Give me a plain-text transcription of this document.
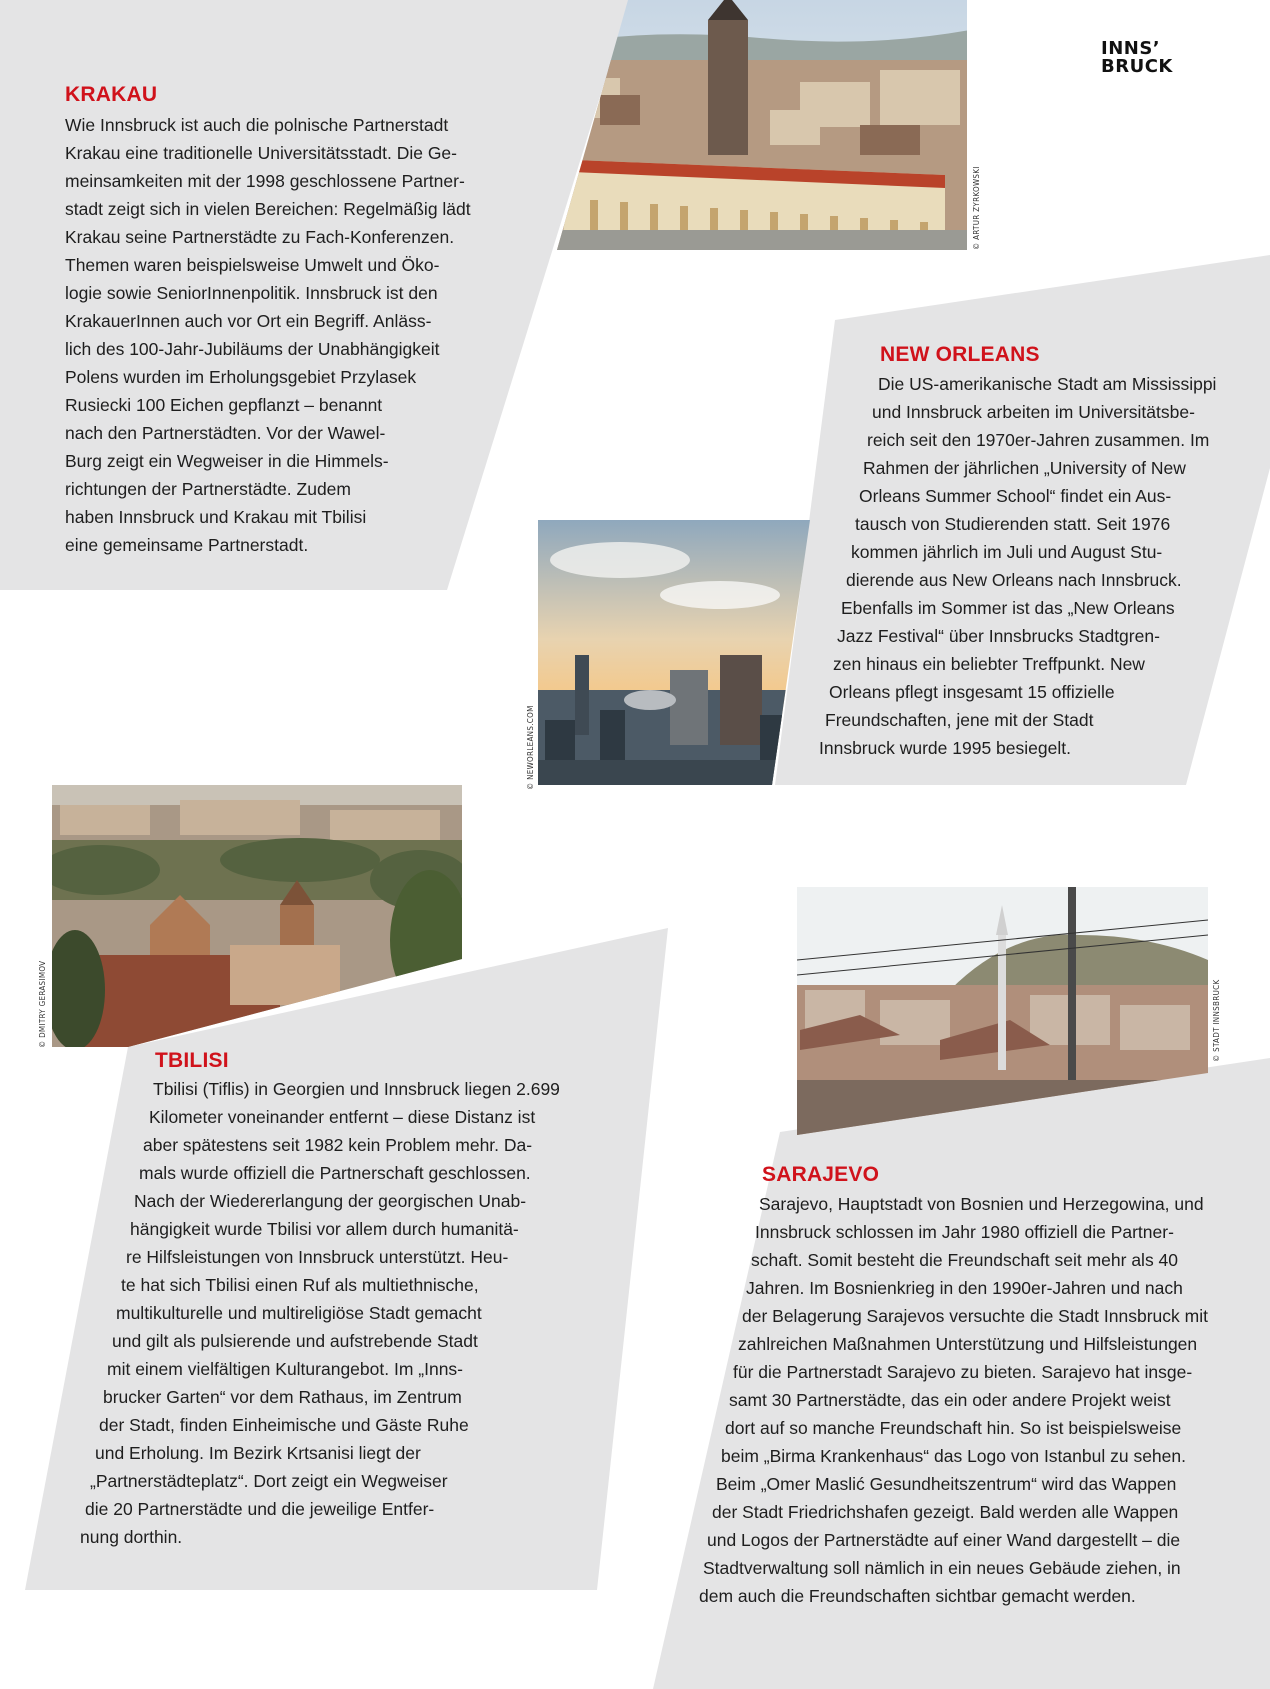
© ARTUR ZYRKOWSKI
© NEWORLEANS.COM
© DMITRY GERASIMOV	© STADT INNSBRUCK
INNS’
BRUCK
KRAKAU
Wie Innsbruck ist auch die polnische Partnerstadt
Krakau eine traditionelle Universitätsstadt. Die Ge-
meinsamkeiten mit der 1998 geschlossene Partner-
stadt zeigt sich in vielen Bereichen: Regelmäßig lädt
Krakau seine Partnerstädte zu Fach-Konferenzen.
Themen waren beispielsweise Umwelt und Öko-
logie sowie SeniorInnenpolitik. Innsbruck ist den
KrakauerInnen auch vor Ort ein Begriff. Anläss-
lich des 100-Jahr-Jubiläums der Unabhängigkeit
Polens wurden im Erholungsgebiet Przylasek
Rusiecki 100 Eichen gepflanzt – benannt
nach den Partnerstädten. Vor der Wawel-
Burg zeigt ein Wegweiser in die Himmels-
richtungen der Partnerstädte. Zudem
haben Innsbruck und Krakau mit Tbilisi
eine gemeinsame Partnerstadt.
NEW ORLEANS
Die US-amerikanische Stadt am Mississippi
und Innsbruck arbeiten im Universitätsbe-
reich seit den 1970er-Jahren zusammen. Im
Rahmen der jährlichen „University of New
Orleans Summer School“ findet ein Aus-
tausch von Studierenden statt. Seit 1976
kommen jährlich im Juli und August Stu-
dierende aus New Orleans nach Innsbruck.
Ebenfalls im Sommer ist das „New Orleans
Jazz Festival“ über Innsbrucks Stadtgren-
zen hinaus ein beliebter Treffpunkt. New
Orleans pflegt insgesamt 15 offizielle
Freundschaften, jene mit der Stadt
Innsbruck wurde 1995 besiegelt.
TBILISI
Tbilisi (Tiflis) in Georgien und Innsbruck liegen 2.699
Kilometer voneinander entfernt – diese Distanz ist
aber spätestens seit 1982 kein Problem mehr. Da-
mals wurde offiziell die Partnerschaft geschlossen.
Nach der Wiedererlangung der georgischen Unab-
hängigkeit wurde Tbilisi vor allem durch humanitä-
re Hilfsleistungen von Innsbruck unterstützt. Heu-
te hat sich Tbilisi einen Ruf als multiethnische,
multikulturelle und multireligiöse Stadt gemacht
und gilt als pulsierende und aufstrebende Stadt
mit einem vielfältigen Kulturangebot. Im „Inns-
brucker Garten“ vor dem Rathaus, im Zentrum
der Stadt, finden Einheimische und Gäste Ruhe
und Erholung. Im Bezirk Krtsanisi liegt der
„Partnerstädteplatz“. Dort zeigt ein Wegweiser
die 20 Partnerstädte und die jeweilige Entfer-
nung dorthin.
SARAJEVO
Sarajevo, Hauptstadt von Bosnien und Herzegowina, und
Innsbruck schlossen im Jahr 1980 offiziell die Partner-
schaft. Somit besteht die Freundschaft seit mehr als 40
Jahren. Im Bosnienkrieg in den 1990er-Jahren und nach
der Belagerung Sarajevos versuchte die Stadt Innsbruck mit
zahlreichen Maßnahmen Unterstützung und Hilfsleistungen
für die Partnerstadt Sarajevo zu bieten. Sarajevo hat insge-
samt 30 Partnerstädte, das ein oder andere Projekt weist
dort auf so manche Freundschaft hin. So ist beispielsweise
beim „Birma Krankenhaus“ das Logo von Istanbul zu sehen.
Beim „Omer Maslić Gesundheitszentrum“ wird das Wappen
der Stadt Friedrichshafen gezeigt. Bald werden alle Wappen
und Logos der Partnerstädte auf einer Wand dargestellt – die
Stadtverwaltung soll nämlich in ein neues Gebäude ziehen, in
dem auch die Freundschaften sichtbar gemacht werden.
